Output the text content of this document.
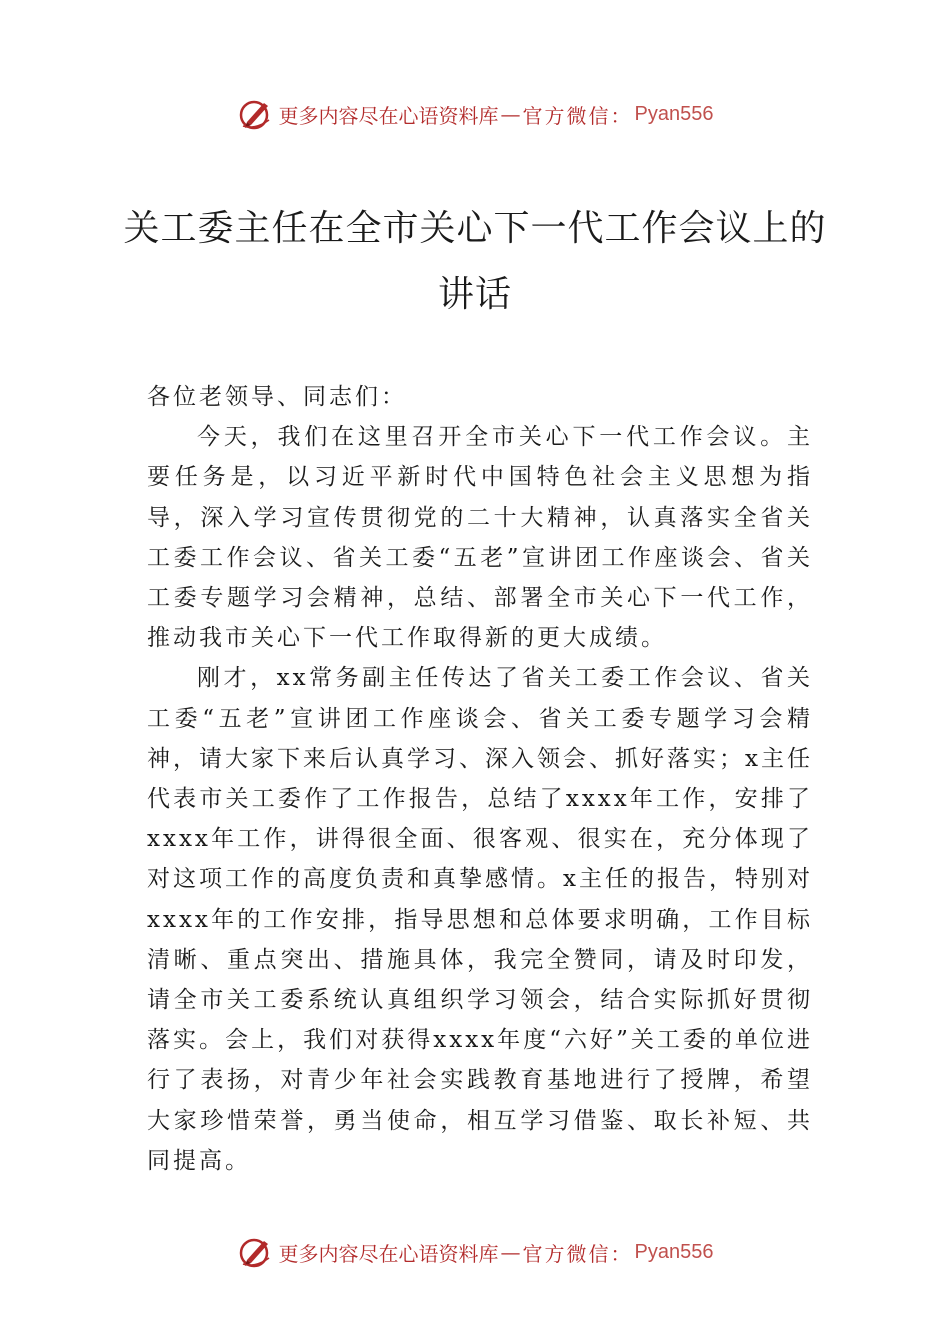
更多内容尽在心语资料库 — 官方微信： Pyan556
关工委主任在全市关心下一代工作会议上的讲话

各位老领导、同志们：

今天，我们在这里召开全市关心下一代工作会议。主要任务是，以习近平新时代中国特色社会主义思想为指导，深入学习宣传贯彻党的二十大精神，认真落实全省关工委工作会议、省关工委“五老”宣讲团工作座谈会、省关工委专题学习会精神，总结、部署全市关心下一代工作，推动我市关心下一代工作取得新的更大成绩。

刚才，xx常务副主任传达了省关工委工作会议、省关工委“五老”宣讲团工作座谈会、省关工委专题学习会精神，请大家下来后认真学习、深入领会、抓好落实；x主任代表市关工委作了工作报告，总结了xxxx年工作，安排了xxxx年工作，讲得很全面、很客观、很实在，充分体现了对这项工作的高度负责和真挚感情。x主任的报告，特别对xxxx年的工作安排，指导思想和总体要求明确，工作目标清晰、重点突出、措施具体，我完全赞同，请及时印发，请全市关工委系统认真组织学习领会，结合实际抓好贯彻落实。会上，我们对获得xxxx年度“六好”关工委的单位进行了表扬，对青少年社会实践教育基地进行了授牌，希望大家珍惜荣誉，勇当使命，相互学习借鉴、取长补短、共同提高。

更多内容尽在心语资料库 — 官方微信： Pyan556
